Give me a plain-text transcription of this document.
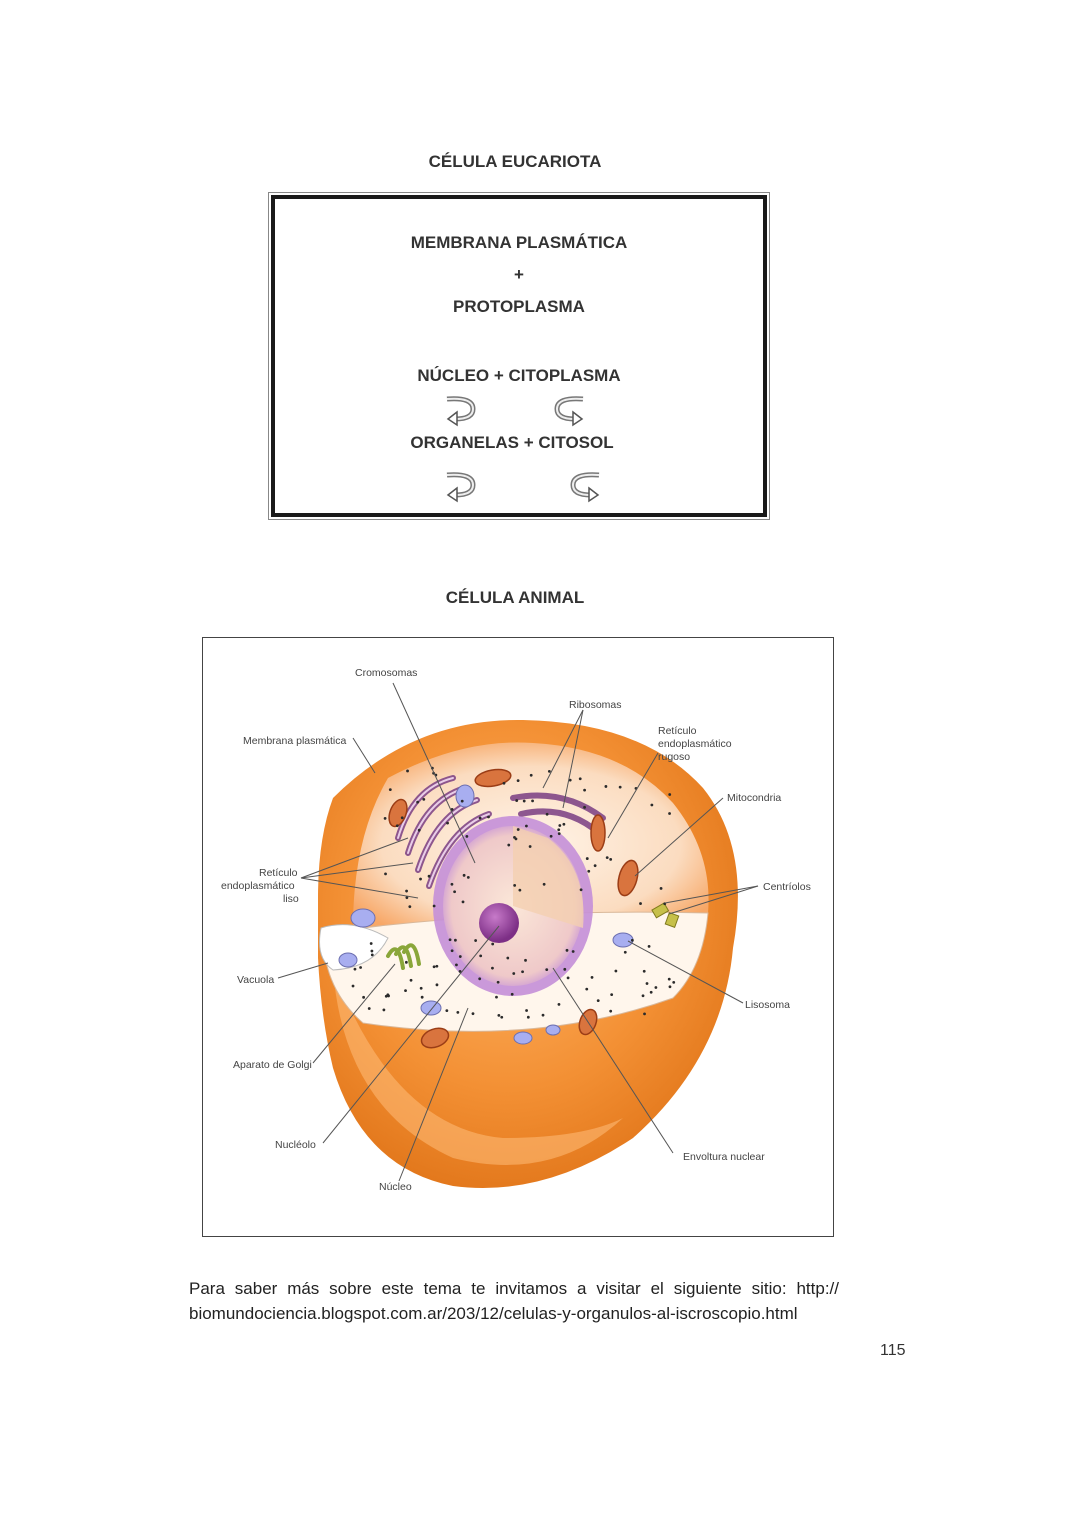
CÉLULA EUCARIOTA
MEMBRANA PLASMÁTICA
+
PROTOPLASMA
NÚCLEO + CITOPLASMA
ORGANELAS + CITOSOL
CÉLULA ANIMAL
Cromosomas
Ribosomas
Retículo
endoplasmático
rugoso
Membrana plasmática
Mitocondria
Retículo
endoplasmático
liso
Centríolos
Vacuola
Lisosoma
Aparato de Golgi
Nucléolo
Envoltura nuclear
Núcleo
Para saber más sobre este tema te invitamos a visitar el siguiente sitio: http:// biomundociencia.blogspot.com.ar/203/12/celulas-y-organulos-al-iscroscopio.html
115
